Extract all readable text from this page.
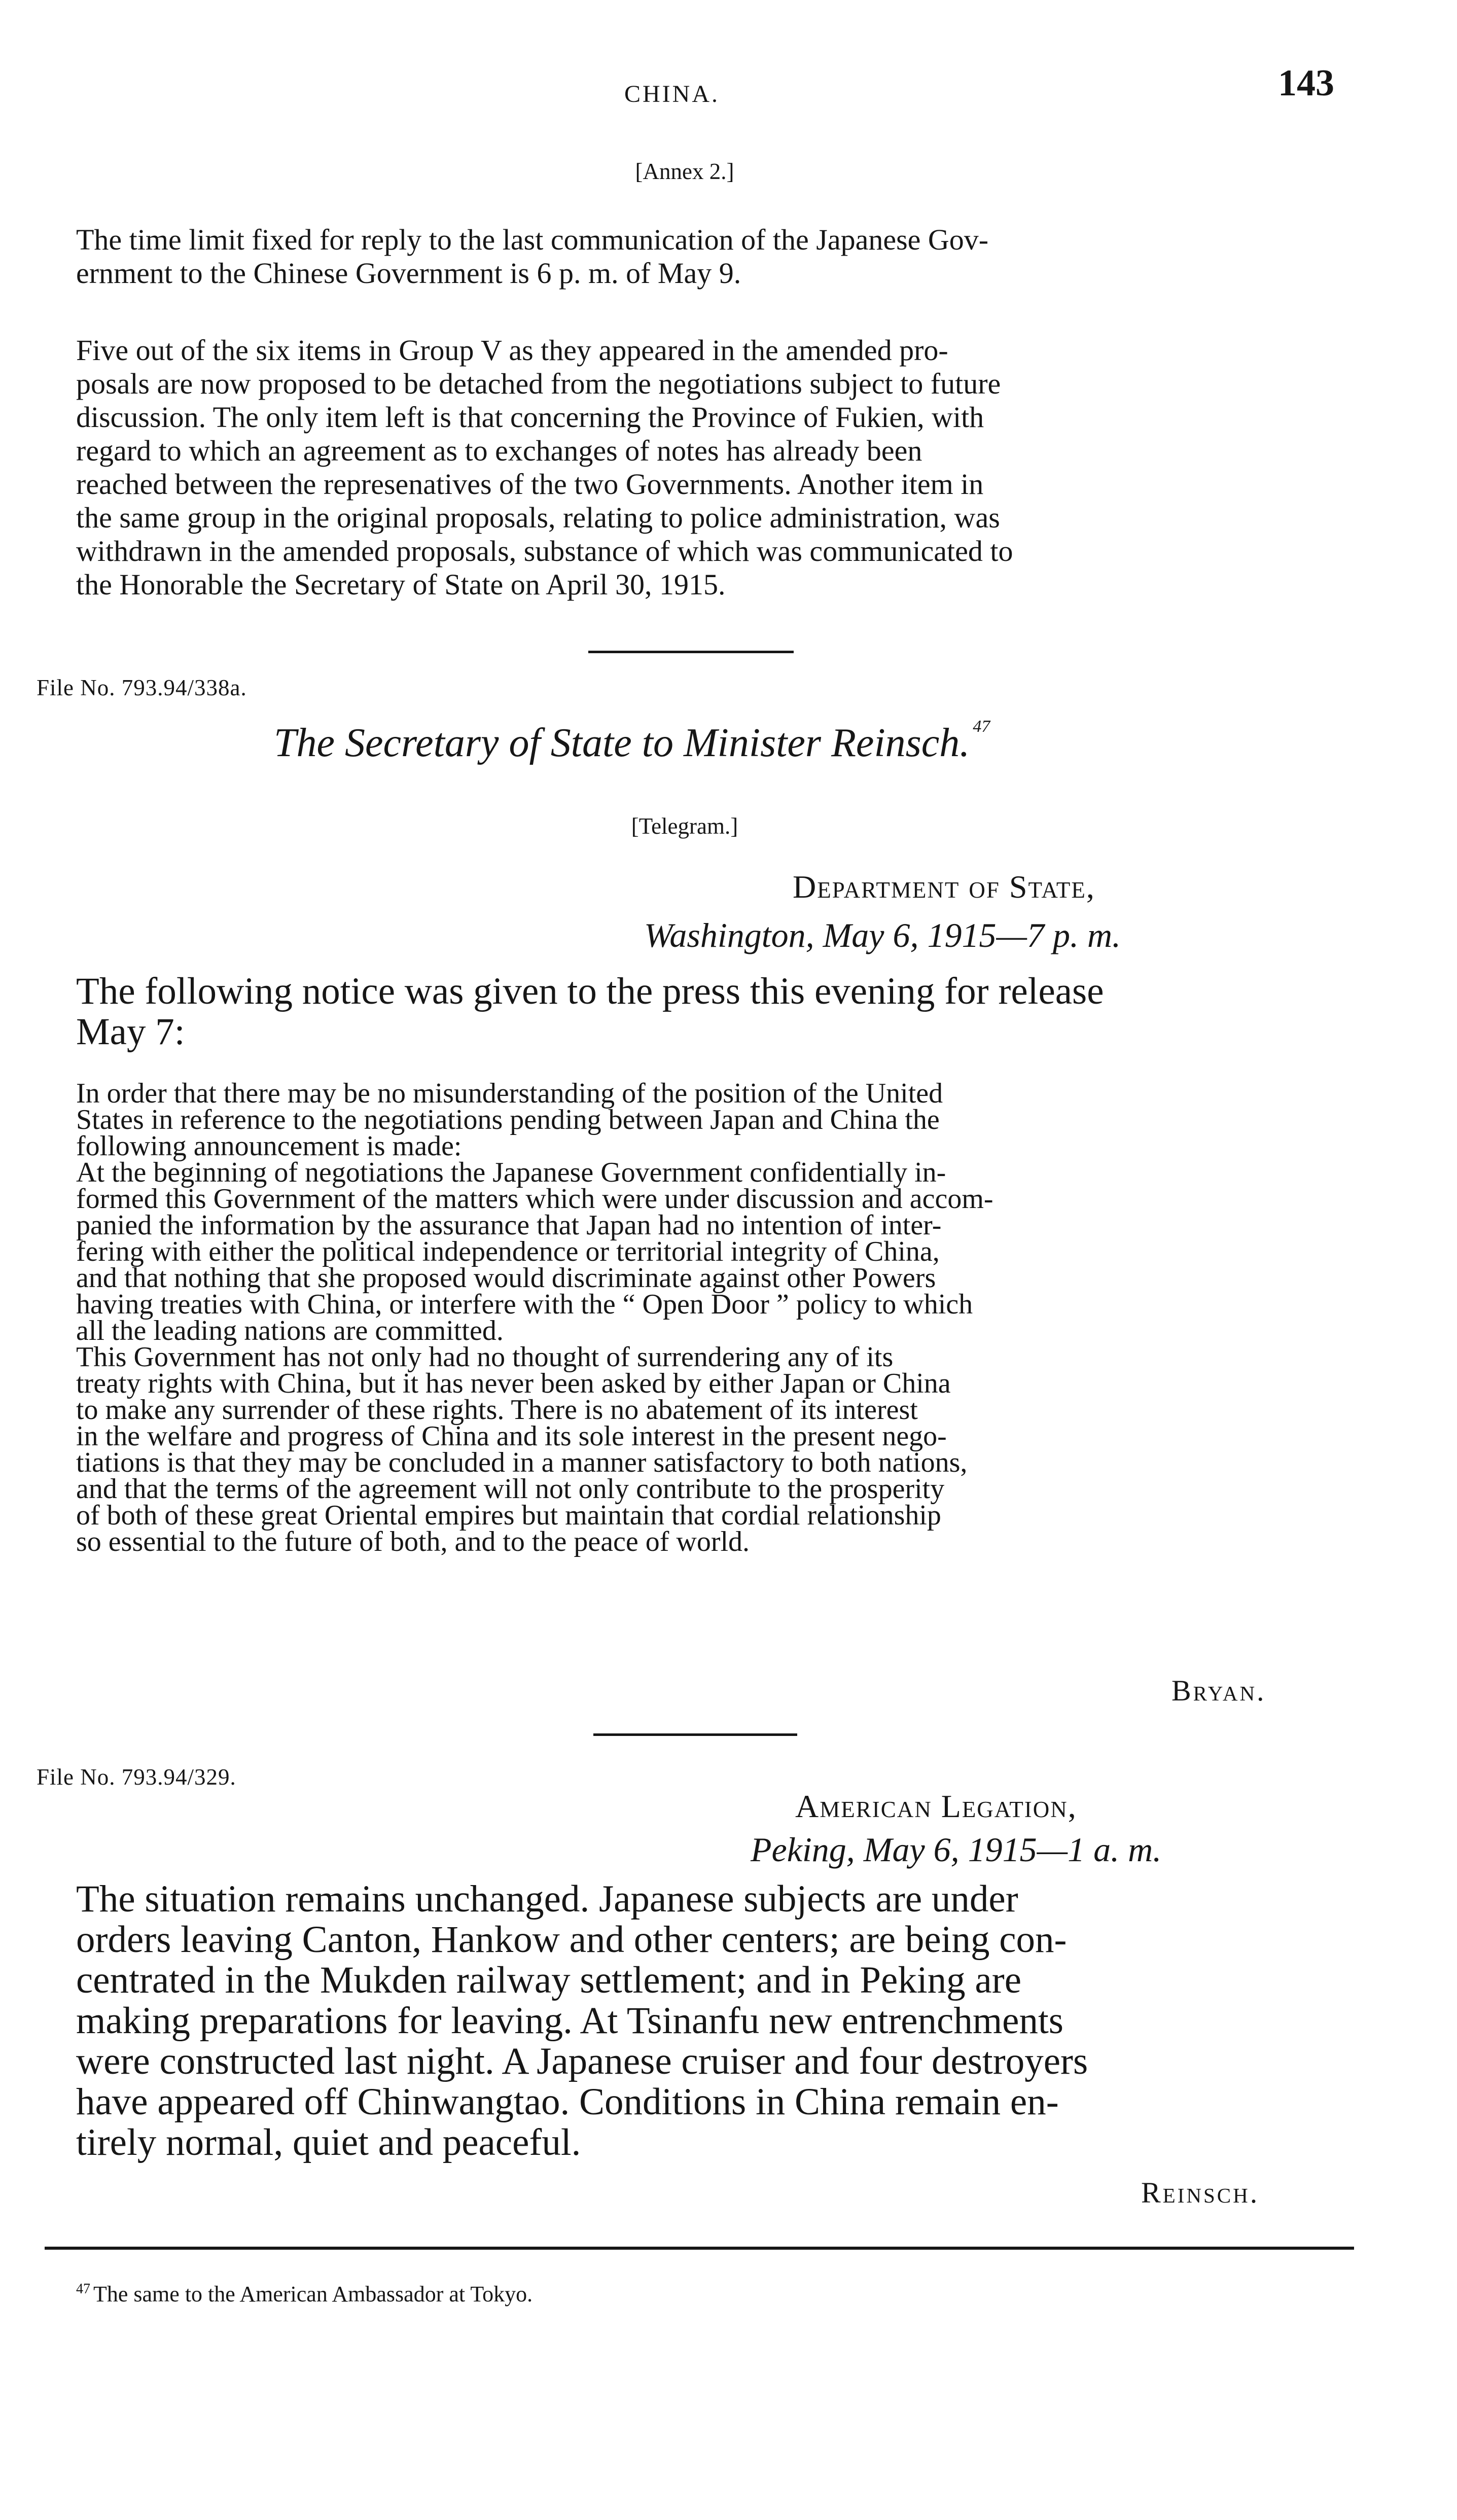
CHINA.	143
[Annex 2.]
The time limit fixed for reply to the last communication of the Japanese Gov-
ernment to the Chinese Government is 6 p. m. of May 9.
Five out of the six items in Group V as they appeared in the amended pro-
posals are now proposed to be detached from the negotiations subject to future
discussion. The only item left is that concerning the Province of Fukien, with
regard to which an agreement as to exchanges of notes has already been
reached between the represenatives of the two Governments. Another item in
the same group in the original proposals, relating to police administration, was
withdrawn in the amended proposals, substance of which was communicated to
the Honorable the Secretary of State on April 30, 1915.
File No. 793.94/338a.
The Secretary of State to Minister Reinsch. $^{47}$
[Telegram.]
Department of State,
Washington, May 6, 1915—7 p. m.
The following notice was given to the press this evening for release
May 7:
In order that there may be no misunderstanding of the position of the United
States in reference to the negotiations pending between Japan and China the
following announcement is made:
At the beginning of negotiations the Japanese Government confidentially in-
formed this Government of the matters which were under discussion and accom-
panied the information by the assurance that Japan had no intention of inter-
fering with either the political independence or territorial integrity of China,
and that nothing that she proposed would discriminate against other Powers
having treaties with China, or interfere with the “ Open Door ” policy to which
all the leading nations are committed.
This Government has not only had no thought of surrendering any of its
treaty rights with China, but it has never been asked by either Japan or China
to make any surrender of these rights. There is no abatement of its interest
in the welfare and progress of China and its sole interest in the present nego-
tiations is that they may be concluded in a manner satisfactory to both nations,
and that the terms of the agreement will not only contribute to the prosperity
of both of these great Oriental empires but maintain that cordial relationship
so essential to the future of both, and to the peace of world.
Bryan.
File No. 793.94/329.
American Legation,
Peking, May 6, 1915—1 a. m.
The situation remains unchanged. Japanese subjects are under
orders leaving Canton, Hankow and other centers; are being con-
centrated in the Mukden railway settlement; and in Peking are
making preparations for leaving. At Tsinanfu new entrenchments
were constructed last night. A Japanese cruiser and four destroyers
have appeared off Chinwangtao. Conditions in China remain en-
tirely normal, quiet and peaceful.
Reinsch.
$^{47}$ The same to the American Ambassador at Tokyo.
